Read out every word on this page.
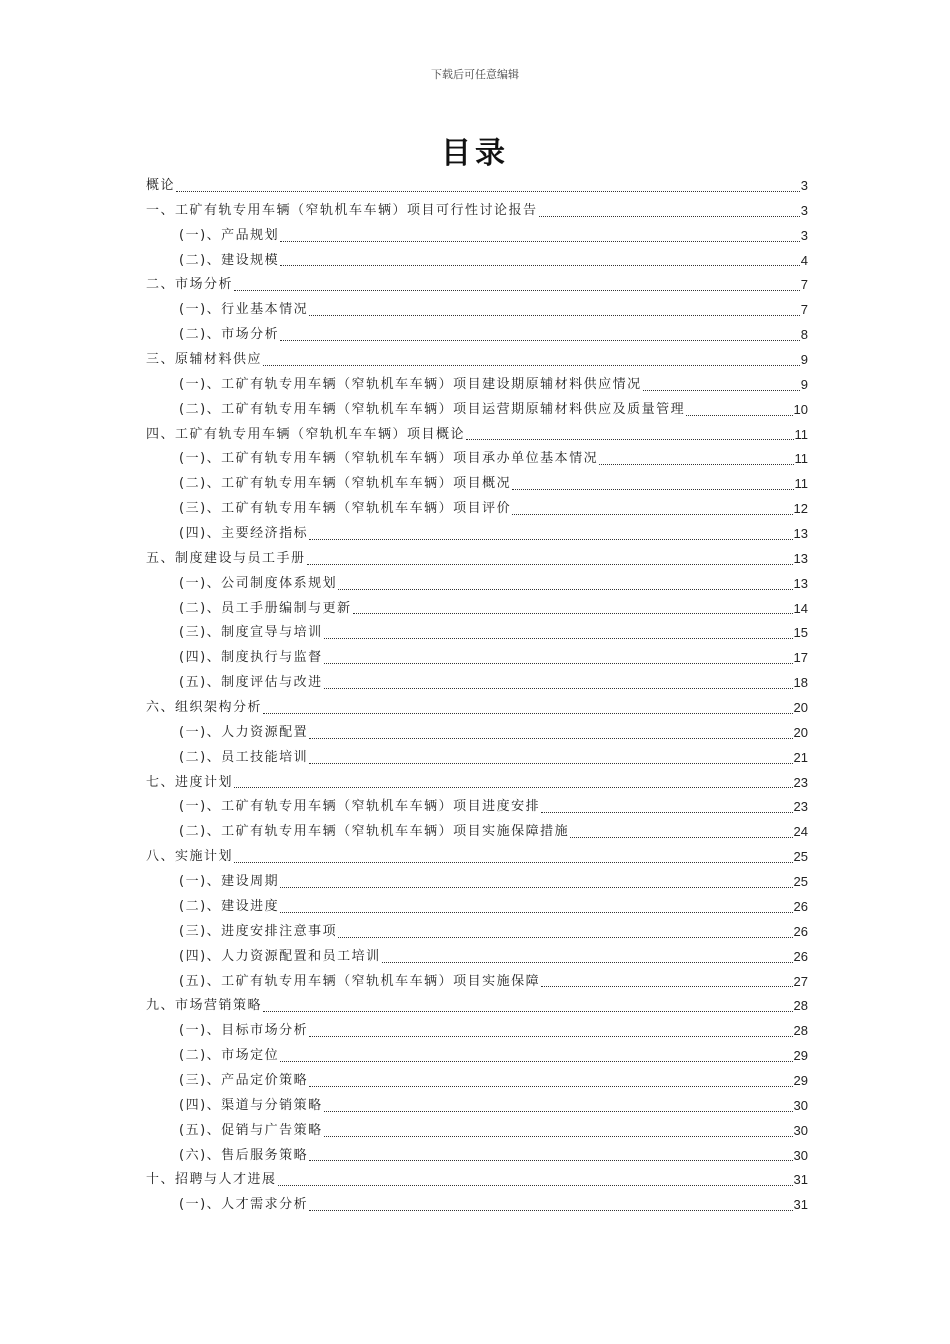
下载后可任意编辑
目录
概论	3
一、工矿有轨专用车辆（窄轨机车车辆）项目可行性讨论报告	3
(一)、产品规划	3
(二)、建设规模	4
二、市场分析	7
(一)、行业基本情况	7
(二)、市场分析	8
三、原辅材料供应	9
(一)、工矿有轨专用车辆（窄轨机车车辆）项目建设期原辅材料供应情况	9
(二)、工矿有轨专用车辆（窄轨机车车辆）项目运营期原辅材料供应及质量管理	10
四、工矿有轨专用车辆（窄轨机车车辆）项目概论	11
(一)、工矿有轨专用车辆（窄轨机车车辆）项目承办单位基本情况	11
(二)、工矿有轨专用车辆（窄轨机车车辆）项目概况	11
(三)、工矿有轨专用车辆（窄轨机车车辆）项目评价	12
(四)、主要经济指标	13
五、制度建设与员工手册	13
(一)、公司制度体系规划	13
(二)、员工手册编制与更新	14
(三)、制度宣导与培训	15
(四)、制度执行与监督	17
(五)、制度评估与改进	18
六、组织架构分析	20
(一)、人力资源配置	20
(二)、员工技能培训	21
七、进度计划	23
(一)、工矿有轨专用车辆（窄轨机车车辆）项目进度安排	23
(二)、工矿有轨专用车辆（窄轨机车车辆）项目实施保障措施	24
八、实施计划	25
(一)、建设周期	25
(二)、建设进度	26
(三)、进度安排注意事项	26
(四)、人力资源配置和员工培训	26
(五)、工矿有轨专用车辆（窄轨机车车辆）项目实施保障	27
九、市场营销策略	28
(一)、目标市场分析	28
(二)、市场定位	29
(三)、产品定价策略	29
(四)、渠道与分销策略	30
(五)、促销与广告策略	30
(六)、售后服务策略	30
十、招聘与人才进展	31
(一)、人才需求分析	31
